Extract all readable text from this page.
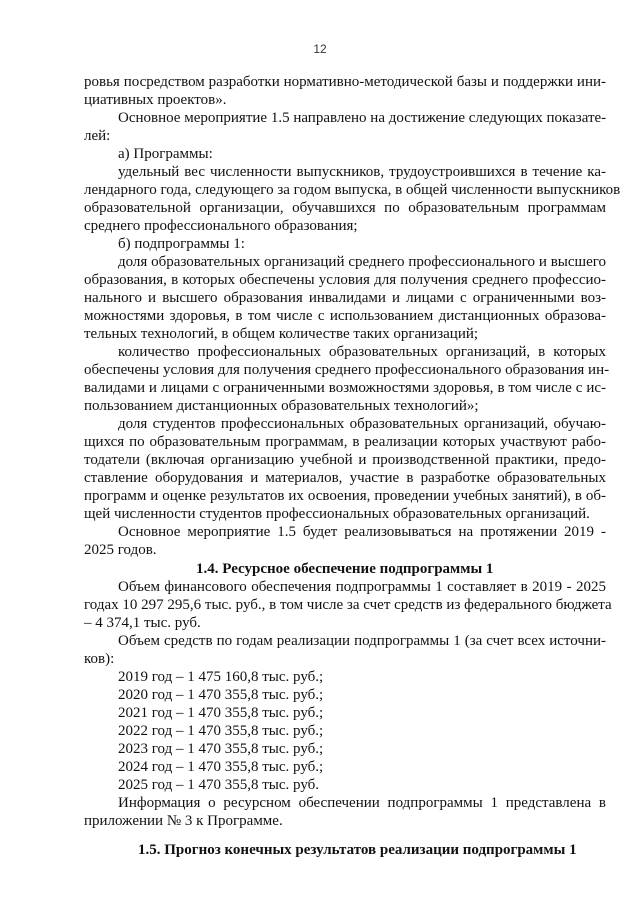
12
ровья посредством разработки нормативно-методической базы и поддержки ини-
циативных проектов».
Основное мероприятие 1.5 направлено на достижение следующих показате-
лей:
а) Программы:
удельный вес численности выпускников, трудоустроившихся в течение ка-
лендарного года, следующего за годом выпуска, в общей численности выпускников
образовательной организации, обучавшихся по образовательным программам
среднего профессионального образования;
б) подпрограммы 1:
доля образовательных организаций среднего профессионального и высшего
образования, в которых обеспечены условия для получения среднего профессио-
нального и высшего образования инвалидами и лицами с ограниченными воз-
можностями здоровья, в том числе с использованием дистанционных образова-
тельных технологий, в общем количестве таких организаций;
количество профессиональных образовательных организаций, в которых
обеспечены условия для получения среднего профессионального образования ин-
валидами и лицами с ограниченными возможностями здоровья, в том числе с ис-
пользованием дистанционных образовательных технологий»;
доля студентов профессиональных образовательных организаций, обучаю-
щихся по образовательным программам, в реализации которых участвуют рабо-
тодатели (включая организацию учебной и производственной практики, предо-
ставление оборудования и материалов, участие в разработке образовательных
программ и оценке результатов их освоения, проведении учебных занятий), в об-
щей численности студентов профессиональных образовательных организаций.
Основное мероприятие 1.5 будет реализовываться на протяжении 2019 -
2025 годов.
1.4. Ресурсное обеспечение подпрограммы 1
Объем финансового обеспечения подпрограммы 1 составляет в 2019 - 2025
годах 10 297 295,6 тыс. руб., в том числе за счет средств из федерального бюджета
– 4 374,1 тыс. руб.
Объем средств по годам реализации подпрограммы 1 (за счет всех источни-
ков):
2019 год – 1 475 160,8 тыс. руб.;
2020 год – 1 470 355,8 тыс. руб.;
2021 год – 1 470 355,8 тыс. руб.;
2022 год – 1 470 355,8 тыс. руб.;
2023 год – 1 470 355,8 тыс. руб.;
2024 год – 1 470 355,8 тыс. руб.;
2025 год – 1 470 355,8 тыс. руб.
Информация о ресурсном обеспечении подпрограммы 1 представлена в
приложении № 3 к Программе.
1.5. Прогноз конечных результатов реализации подпрограммы 1
